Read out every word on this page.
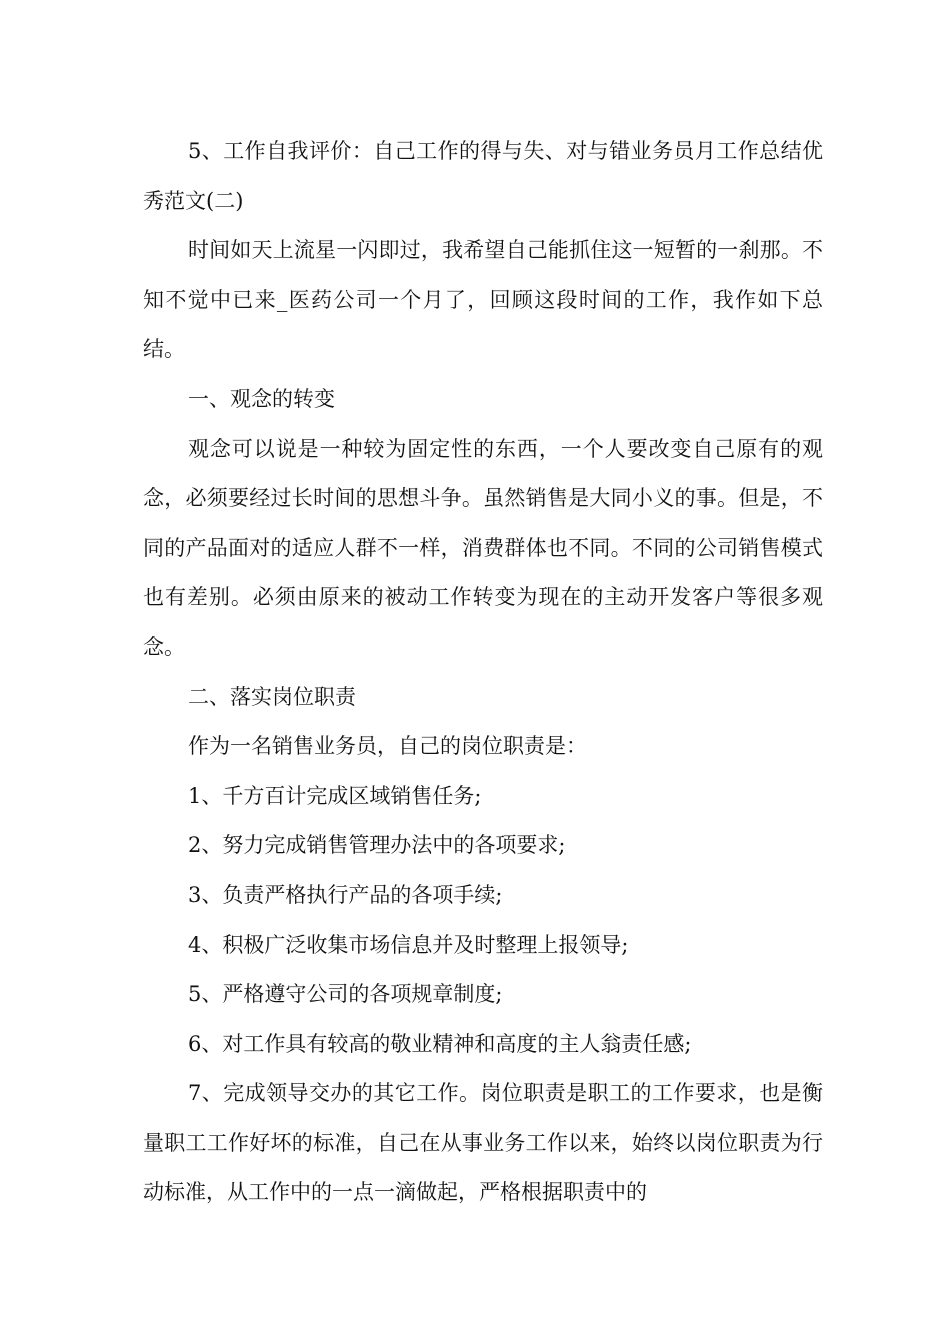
5、工作自我评价：自己工作的得与失、对与错业务员月工作总结优秀范文(二)

时间如天上流星一闪即过，我希望自己能抓住这一短暂的一刹那。不知不觉中已来_医药公司一个月了，回顾这段时间的工作，我作如下总结。

一、观念的转变

观念可以说是一种较为固定性的东西，一个人要改变自己原有的观念，必须要经过长时间的思想斗争。虽然销售是大同小义的事。但是，不同的产品面对的适应人群不一样，消费群体也不同。不同的公司销售模式也有差别。必须由原来的被动工作转变为现在的主动开发客户等很多观念。

二、落实岗位职责

作为一名销售业务员，自己的岗位职责是：

1、千方百计完成区域销售任务;

2、努力完成销售管理办法中的各项要求;

3、负责严格执行产品的各项手续;

4、积极广泛收集市场信息并及时整理上报领导;

5、严格遵守公司的各项规章制度;

6、对工作具有较高的敬业精神和高度的主人翁责任感;

7、完成领导交办的其它工作。岗位职责是职工的工作要求，也是衡量职工工作好坏的标准，自己在从事业务工作以来，始终以岗位职责为行动标准，从工作中的一点一滴做起，严格根据职责中的
